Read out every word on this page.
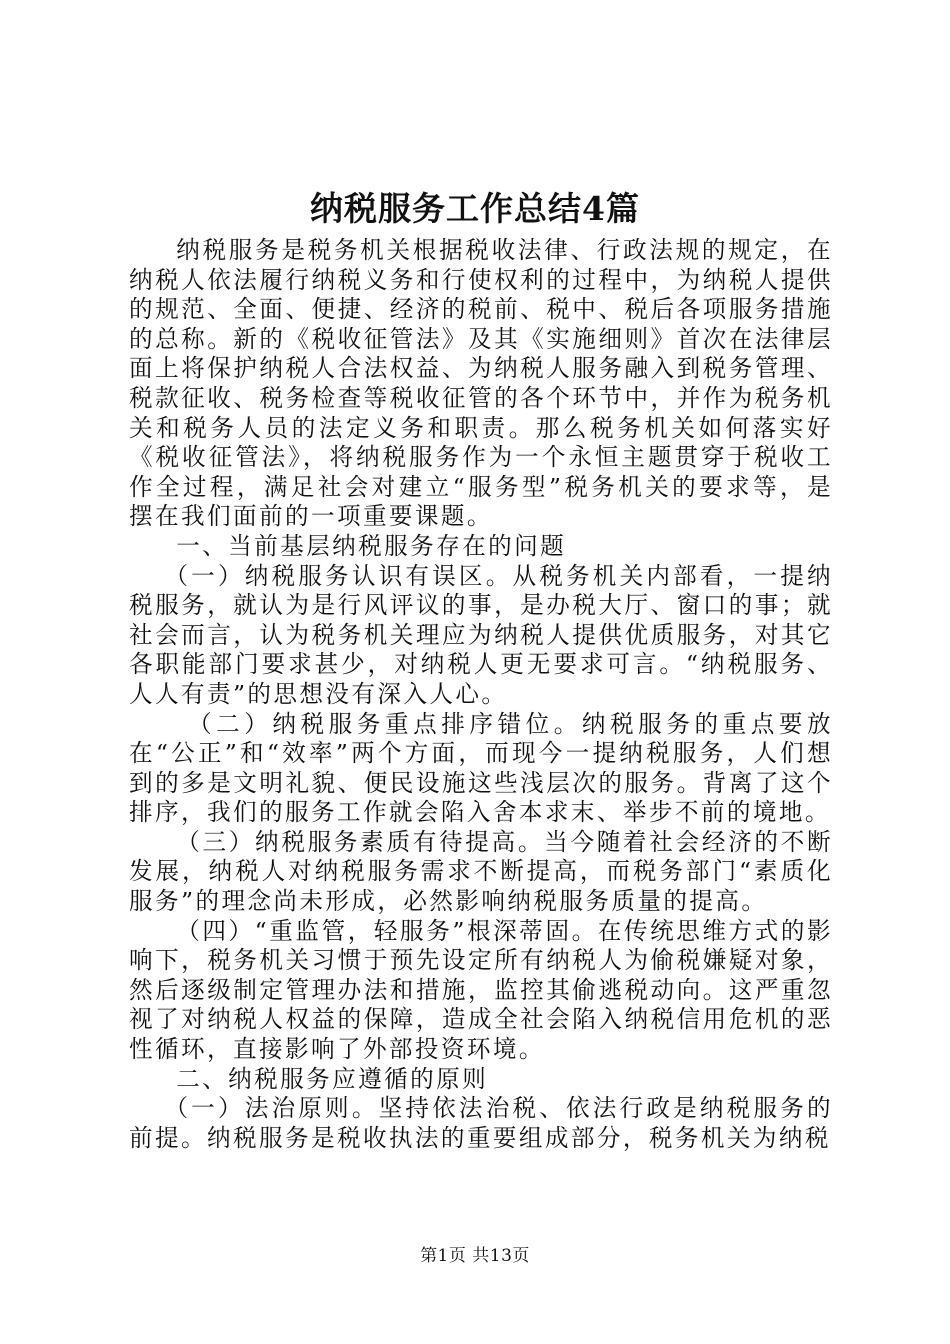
纳税服务工作总结4篇

纳税服务是税务机关根据税收法律、行政法规的规定，在纳税人依法履行纳税义务和行使权利的过程中，为纳税人提供的规范、全面、便捷、经济的税前、税中、税后各项服务措施的总称。新的《税收征管法》及其《实施细则》首次在法律层面上将保护纳税人合法权益、为纳税人服务融入到税务管理、税款征收、税务检查等税收征管的各个环节中，并作为税务机关和税务人员的法定义务和职责。那么税务机关如何落实好《税收征管法》，将纳税服务作为一个永恒主题贯穿于税收工作全过程，满足社会对建立“服务型”税务机关的要求等，是摆在我们面前的一项重要课题。

一、当前基层纳税服务存在的问题

（一）纳税服务认识有误区。从税务机关内部看，一提纳税服务，就认为是行风评议的事，是办税大厅、窗口的事；就社会而言，认为税务机关理应为纳税人提供优质服务，对其它各职能部门要求甚少，对纳税人更无要求可言。“纳税服务、人人有责”的思想没有深入人心。

（二）纳税服务重点排序错位。纳税服务的重点要放在“公正”和“效率”两个方面，而现今一提纳税服务，人们想到的多是文明礼貌、便民设施这些浅层次的服务。背离了这个排序，我们的服务工作就会陷入舍本求末、举步不前的境地。

（三）纳税服务素质有待提高。当今随着社会经济的不断发展，纳税人对纳税服务需求不断提高，而税务部门“素质化服务”的理念尚未形成，必然影响纳税服务质量的提高。

（四）“重监管，轻服务”根深蒂固。在传统思维方式的影响下，税务机关习惯于预先设定所有纳税人为偷税嫌疑对象，然后逐级制定管理办法和措施，监控其偷逃税动向。这严重忽视了对纳税人权益的保障，造成全社会陷入纳税信用危机的恶性循环，直接影响了外部投资环境。

二、纳税服务应遵循的原则

（一）法治原则。坚持依法治税、依法行政是纳税服务的前提。纳税服务是税收执法的重要组成部分，税务机关为纳税

第1页 共13页
